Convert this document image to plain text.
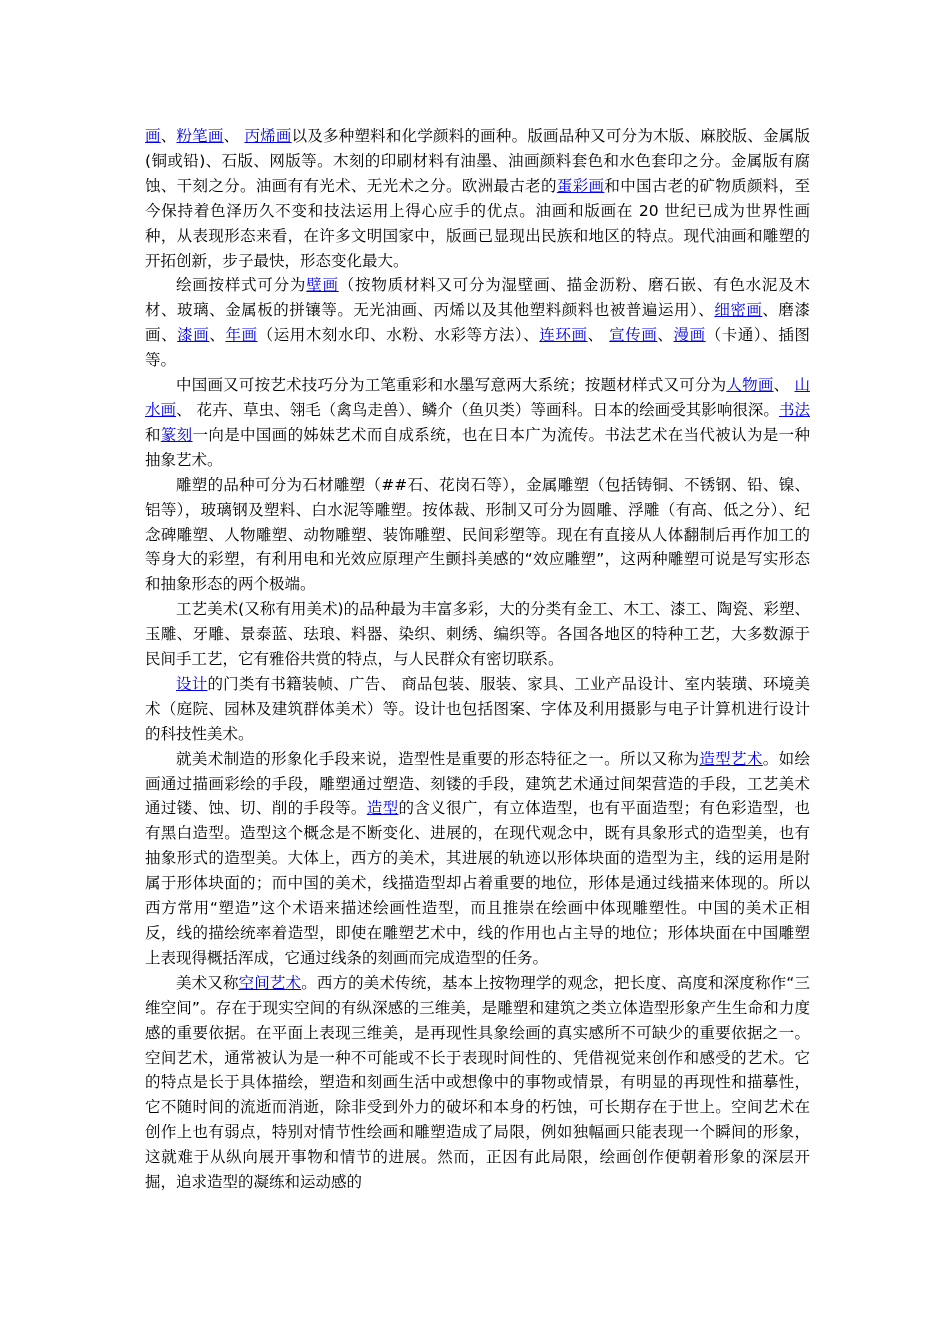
画、粉笔画、 丙烯画以及多种塑料和化学颜料的画种。版画品种又可分为木版、麻胶版、金属版(铜或铅)、石版、网版等。木刻的印刷材料有油墨、油画颜料套色和水色套印之分。金属版有腐蚀、干刻之分。油画有有光术、无光术之分。欧洲最古老的蛋彩画和中国古老的矿物质颜料，至今保持着色泽历久不变和技法运用上得心应手的优点。油画和版画在 20 世纪已成为世界性画种，从表现形态来看，在许多文明国家中，版画已显现出民族和地区的特点。现代油画和雕塑的开拓创新，步子最快，形态变化最大。

绘画按样式可分为壁画（按物质材料又可分为湿壁画、描金沥粉、磨石嵌、有色水泥及木材、玻璃、金属板的拼镶等。无光油画、丙烯以及其他塑料颜料也被普遍运用）、细密画、磨漆画、漆画、年画（运用木刻水印、水粉、水彩等方法）、连环画、 宣传画、漫画（卡通）、插图等。

中国画又可按艺术技巧分为工笔重彩和水墨写意两大系统；按题材样式又可分为人物画、 山水画、 花卉、草虫、翎毛（禽鸟走兽）、鳞介（鱼贝类）等画科。日本的绘画受其影响很深。书法和篆刻一向是中国画的姊妹艺术而自成系统，也在日本广为流传。书法艺术在当代被认为是一种抽象艺术。

雕塑的品种可分为石材雕塑（##石、花岗石等），金属雕塑（包括铸铜、不锈钢、铅、镍、铝等），玻璃钢及塑料、白水泥等雕塑。按体裁、形制又可分为圆雕、浮雕（有高、低之分）、纪念碑雕塑、人物雕塑、动物雕塑、装饰雕塑、民间彩塑等。现在有直接从人体翻制后再作加工的等身大的彩塑，有利用电和光效应原理产生颤抖美感的“效应雕塑”，这两种雕塑可说是写实形态和抽象形态的两个极端。

工艺美术(又称有用美术)的品种最为丰富多彩，大的分类有金工、木工、漆工、陶瓷、彩塑、玉雕、牙雕、景泰蓝、珐琅、料器、染织、刺绣、编织等。各国各地区的特种工艺，大多数源于民间手工艺，它有雅俗共赏的特点，与人民群众有密切联系。

设计的门类有书籍装帧、广告、 商品包装、服装、家具、工业产品设计、室内装璜、环境美术（庭院、园林及建筑群体美术）等。设计也包括图案、字体及利用摄影与电子计算机进行设计的科技性美术。

就美术制造的形象化手段来说，造型性是重要的形态特征之一。所以又称为造型艺术。如绘画通过描画彩绘的手段，雕塑通过塑造、刻镂的手段，建筑艺术通过间架营造的手段，工艺美术通过镂、蚀、切、削的手段等。造型的含义很广，有立体造型，也有平面造型；有色彩造型，也有黑白造型。造型这个概念是不断变化、进展的，在现代观念中，既有具象形式的造型美，也有抽象形式的造型美。大体上，西方的美术，其进展的轨迹以形体块面的造型为主，线的运用是附属于形体块面的；而中国的美术，线描造型却占着重要的地位，形体是通过线描来体现的。所以西方常用“塑造”这个术语来描述绘画性造型，而且推崇在绘画中体现雕塑性。中国的美术正相反，线的描绘统率着造型，即使在雕塑艺术中，线的作用也占主导的地位；形体块面在中国雕塑上表现得概括浑成，它通过线条的刻画而完成造型的任务。

美术又称空间艺术。西方的美术传统，基本上按物理学的观念，把长度、高度和深度称作“三维空间”。存在于现实空间的有纵深感的三维美，是雕塑和建筑之类立体造型形象产生生命和力度感的重要依据。在平面上表现三维美，是再现性具象绘画的真实感所不可缺少的重要依据之一。空间艺术，通常被认为是一种不可能或不长于表现时间性的、凭借视觉来创作和感受的艺术。它的特点是长于具体描绘，塑造和刻画生活中或想像中的事物或情景，有明显的再现性和描摹性，它不随时间的流逝而消逝，除非受到外力的破坏和本身的朽蚀，可长期存在于世上。空间艺术在创作上也有弱点，特别对情节性绘画和雕塑造成了局限，例如独幅画只能表现一个瞬间的形象，这就难于从纵向展开事物和情节的进展。然而，正因有此局限，绘画创作便朝着形象的深层开掘，追求造型的凝练和运动感的
